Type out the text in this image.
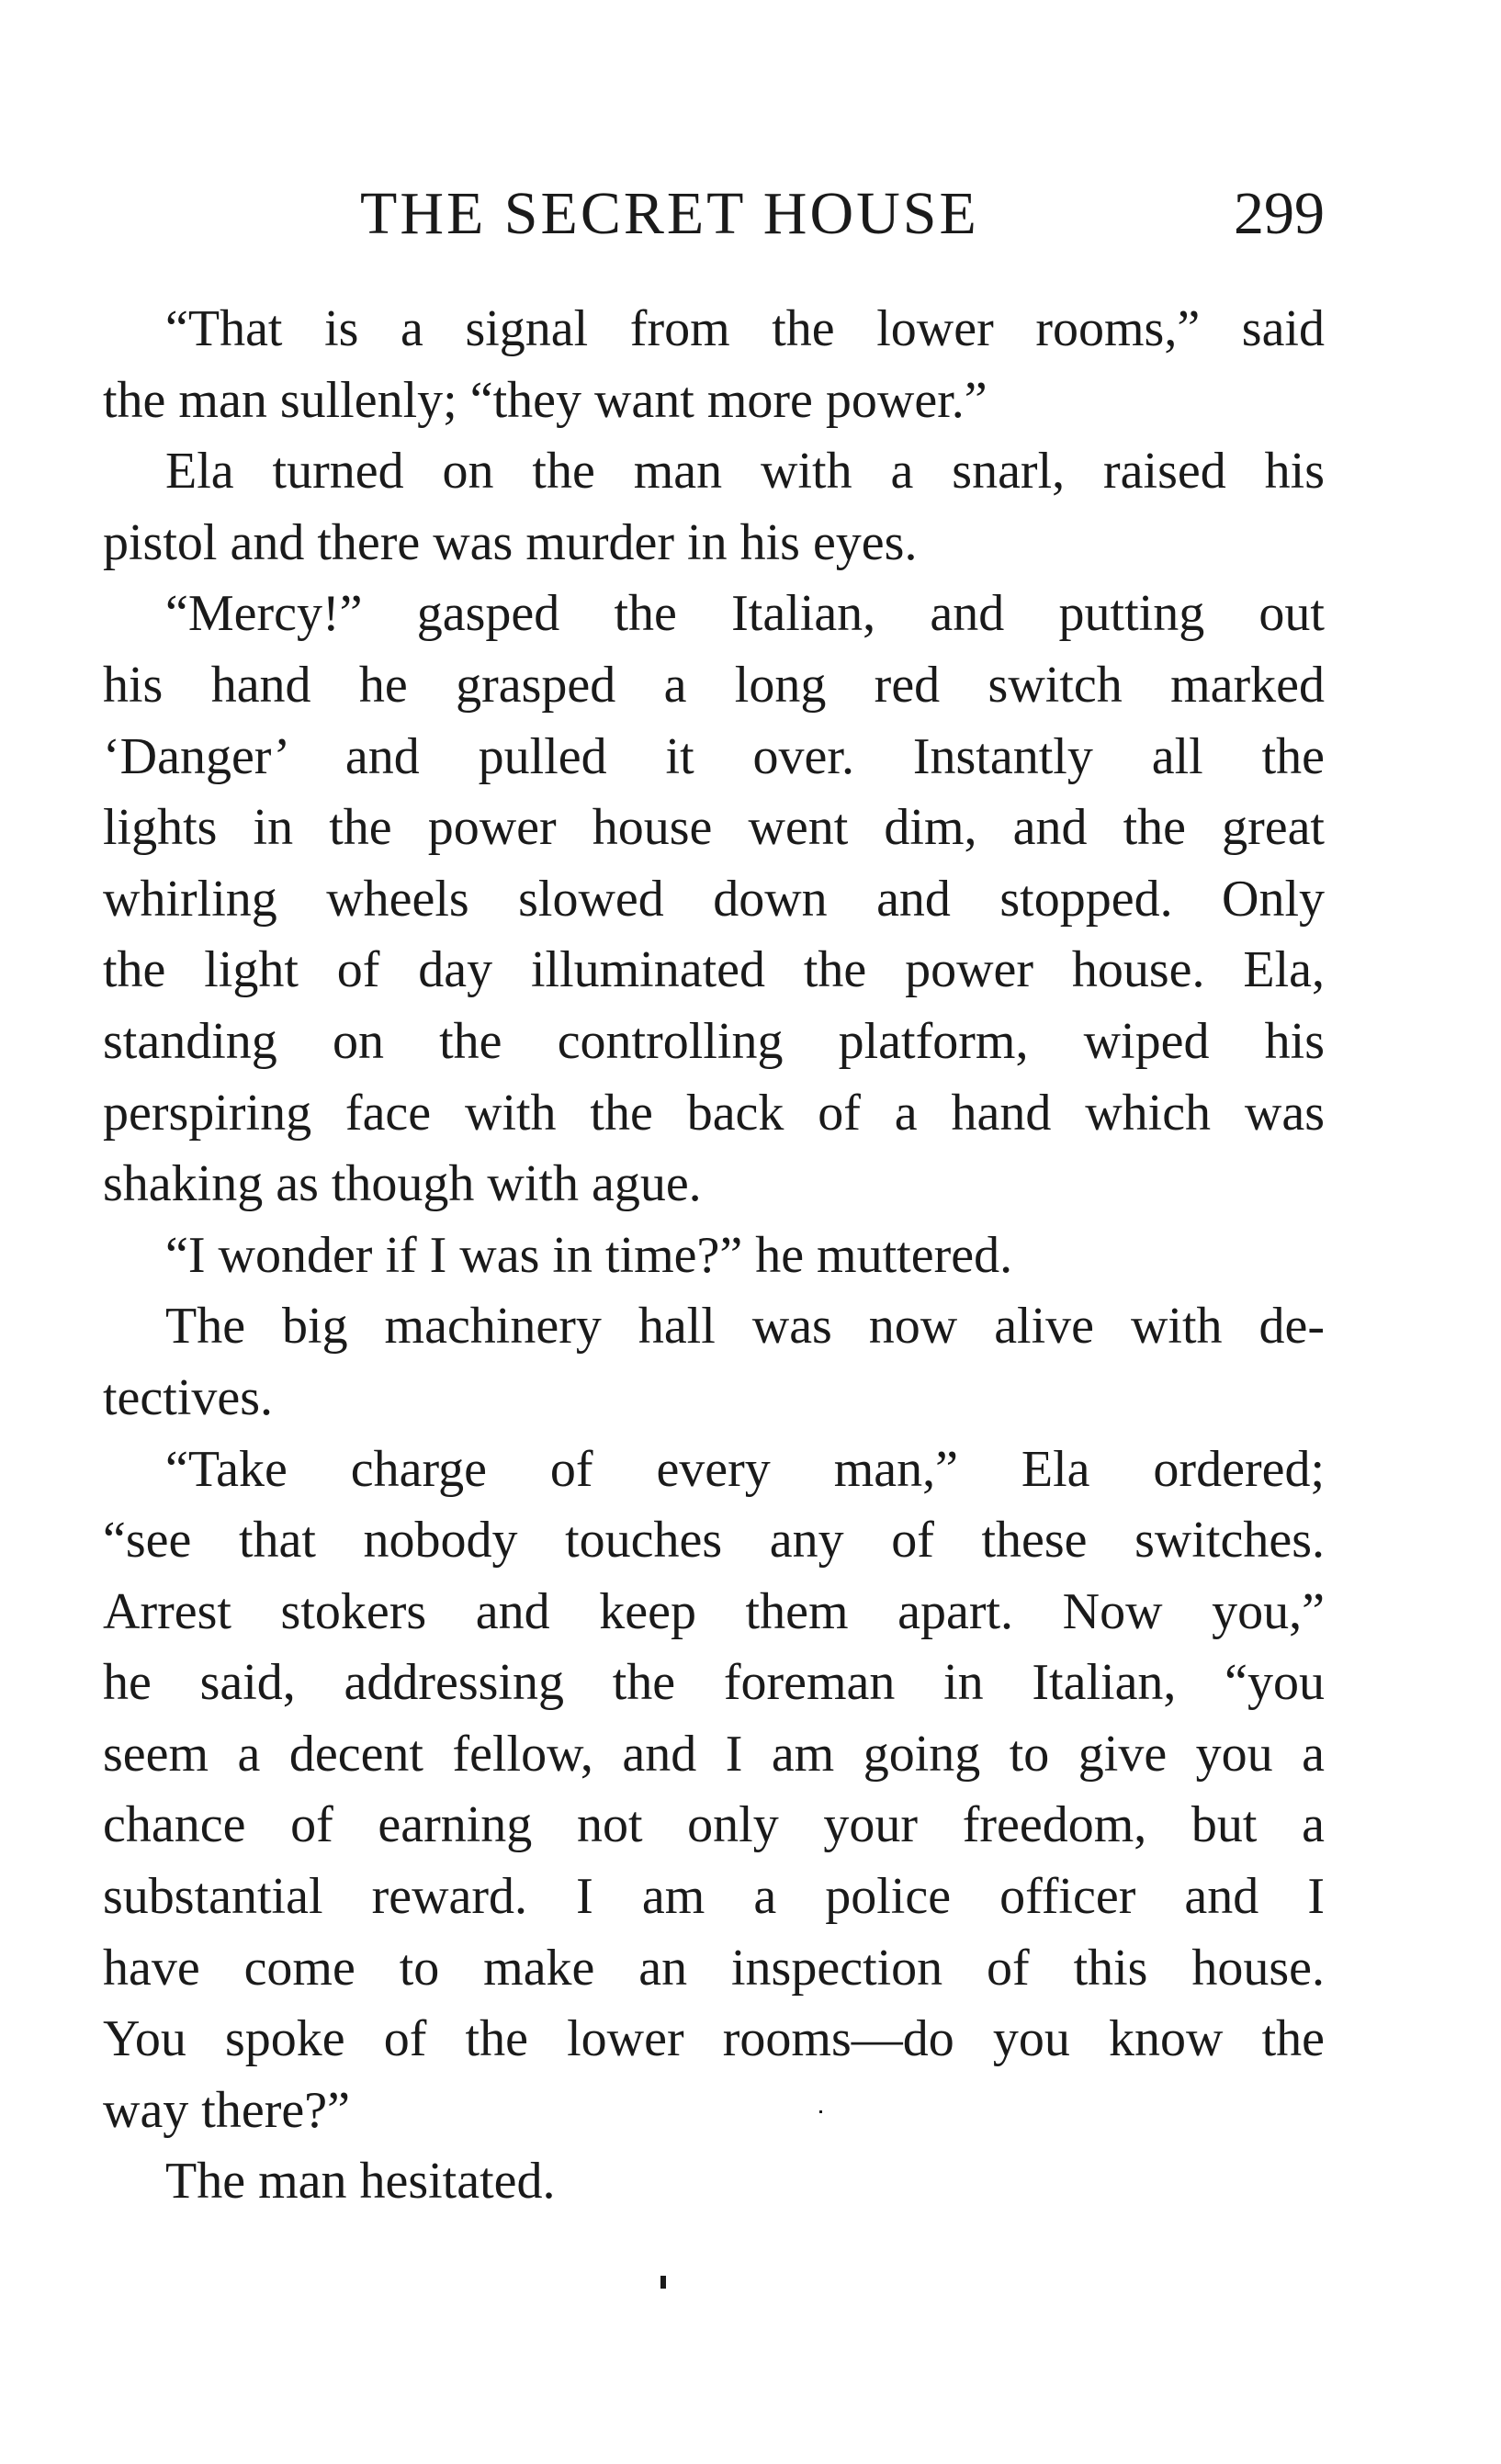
THE SECRET HOUSE	299
“That is a signal from the lower rooms,” said
the man sullenly; “they want more power.”
Ela turned on the man with a snarl, raised his
pistol and there was murder in his eyes.
“Mercy!” gasped the Italian, and putting out
his hand he grasped a long red switch marked
‘Danger’ and pulled it over. Instantly all the
lights in the power house went dim, and the great
whirling wheels slowed down and stopped. Only
the light of day illuminated the power house. Ela,
standing on the controlling platform, wiped his
perspiring face with the back of a hand which was
shaking as though with ague.
“I wonder if I was in time?” he muttered.
The big machinery hall was now alive with de-
tectives.
“Take charge of every man,” Ela ordered;
“see that nobody touches any of these switches.
Arrest stokers and keep them apart. Now you,”
he said, addressing the foreman in Italian, “you
seem a decent fellow, and I am going to give you a
chance of earning not only your freedom, but a
substantial reward. I am a police officer and I
have come to make an inspection of this house.
You spoke of the lower rooms—do you know the
way there?”
The man hesitated.
